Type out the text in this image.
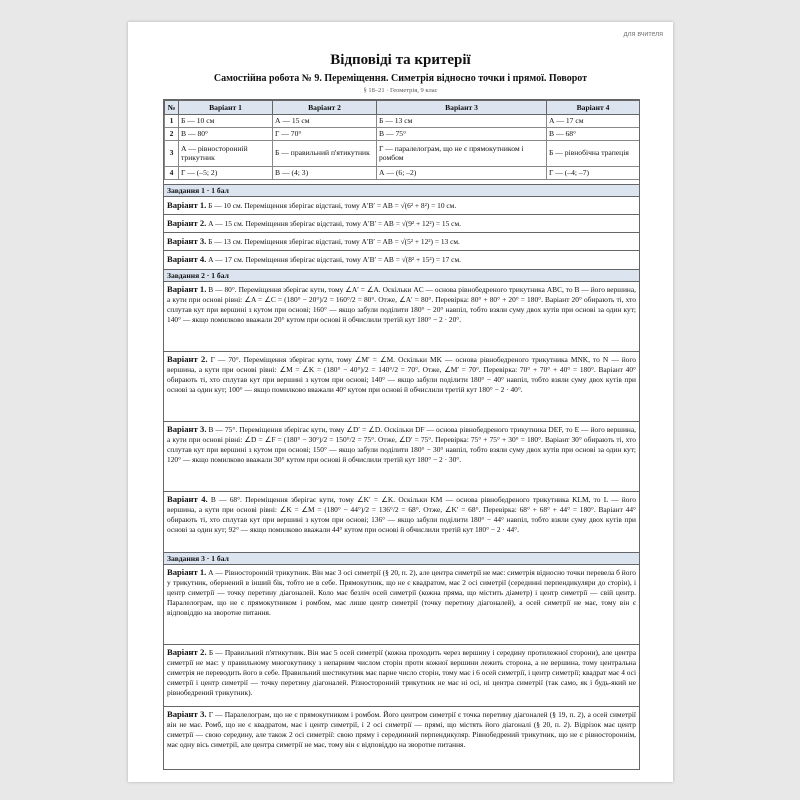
для вчителя
Відповіді та критерії
Самостійна робота № 9. Переміщення. Симетрія відносно точки і прямої. Поворот
§ 18–21 · Геометрія, 9 клас
№	Варіант 1	Варіант 2	Варіант 3	Варіант 4
1	Б — 10 см	А — 15 см	Б — 13 см	А — 17 см
2	В — 80°	Г — 70°	В — 75°	В — 68°
3	А — рівносторонній трикутник	Б — правильний п'ятикутник	Г — паралелограм, що не є прямокутником і ромбом	Б — рівнобічна трапеція
4	Г — (–5; 2)	В — (4; 3)	А — (6; –2)	Г — (–4; –7)
Завдання 1 · 1 бал
Варіант 1. Б — 10 см. Переміщення зберігає відстані, тому A′B′ = AB = √(6² + 8²) = 10 см.
Варіант 2. А — 15 см. Переміщення зберігає відстані, тому A′B′ = AB = √(9² + 12²) = 15 см.
Варіант 3. Б — 13 см. Переміщення зберігає відстані, тому A′B′ = AB = √(5² + 12²) = 13 см.
Варіант 4. А — 17 см. Переміщення зберігає відстані, тому A′B′ = AB = √(8² + 15²) = 17 см.
Завдання 2 · 1 бал
Варіант 1. В — 80°. Переміщення зберігає кути, тому ∠A′ = ∠A. Оскільки AC — основа рівнобедреного трикутника ABC, то B — його вершина, а кути при основі рівні: ∠A = ∠C = (180° − 20°)/2 = 160°/2 = 80°. Отже, ∠A′ = 80°. Перевірка: 80° + 80° + 20° = 180°. Варіант 20° обирають ті, хто сплутав кут при вершині з кутом при основі; 160° — якщо забули поділити 180° − 20° навпіл, тобто взяли суму двох кутів при основі за один кут; 140° — якщо помилково вважали 20° кутом при основі й обчислили третій кут 180° − 2 · 20°.
Варіант 2. Г — 70°. Переміщення зберігає кути, тому ∠M′ = ∠M. Оскільки MK — основа рівнобедреного трикутника MNK, то N — його вершина, а кути при основі рівні: ∠M = ∠K = (180° − 40°)/2 = 140°/2 = 70°. Отже, ∠M′ = 70°. Перевірка: 70° + 70° + 40° = 180°. Варіант 40° обирають ті, хто сплутав кут при вершині з кутом при основі; 140° — якщо забули поділити 180° − 40° навпіл, тобто взяли суму двох кутів при основі за один кут; 100° — якщо помилково вважали 40° кутом при основі й обчислили третій кут 180° − 2 · 40°.
Варіант 3. В — 75°. Переміщення зберігає кути, тому ∠D′ = ∠D. Оскільки DF — основа рівнобедреного трикутника DEF, то E — його вершина, а кути при основі рівні: ∠D = ∠F = (180° − 30°)/2 = 150°/2 = 75°. Отже, ∠D′ = 75°. Перевірка: 75° + 75° + 30° = 180°. Варіант 30° обирають ті, хто сплутав кут при вершині з кутом при основі; 150° — якщо забули поділити 180° − 30° навпіл, тобто взяли суму двох кутів при основі за один кут; 120° — якщо помилково вважали 30° кутом при основі й обчислили третій кут 180° − 2 · 30°.
Варіант 4. В — 68°. Переміщення зберігає кути, тому ∠K′ = ∠K. Оскільки KM — основа рівнобедреного трикутника KLM, то L — його вершина, а кути при основі рівні: ∠K = ∠M = (180° − 44°)/2 = 136°/2 = 68°. Отже, ∠K′ = 68°. Перевірка: 68° + 68° + 44° = 180°. Варіант 44° обирають ті, хто сплутав кут при вершині з кутом при основі; 136° — якщо забули поділити 180° − 44° навпіл, тобто взяли суму двох кутів при основі за один кут; 92° — якщо помилково вважали 44° кутом при основі й обчислили третій кут 180° − 2 · 44°.
Завдання 3 · 1 бал
Варіант 1. А — Рівносторонній трикутник. Він має 3 осі симетрії (§ 20, п. 2), але центра симетрії не має: симетрія відносно точки перевела б його у трикутник, обернений в інший бік, тобто не в себе. Прямокутник, що не є квадратом, має 2 осі симетрії (серединні перпендикуляри до сторін), і центр симетрії — точку перетину діагоналей. Коло має безліч осей симетрії (кожна пряма, що містить діаметр) і центр симетрії — свій центр. Паралелограм, що не є прямокутником і ромбом, має лише центр симетрії (точку перетину діагоналей), а осей симетрії не має, тому він є відповіддю на зворотне питання.
Варіант 2. Б — Правильний п'ятикутник. Він має 5 осей симетрії (кожна проходить через вершину і середину протилежної сторони), але центра симетрії не має: у правильному многокутнику з непарним числом сторін проти кожної вершини лежить сторона, а не вершина, тому центральна симетрія не переводить його в себе. Правильний шестикутник має парне число сторін, тому має і 6 осей симетрії, і центр симетрії; квадрат має 4 осі симетрії і центр симетрії — точку перетину діагоналей. Різносторонній трикутник не має ні осі, ні центра симетрії (так само, як і будь-який не рівнобедрений трикутник).
Варіант 3. Г — Паралелограм, що не є прямокутником і ромбом. Його центром симетрії є точка перетину діагоналей (§ 19, п. 2), а осей симетрії він не має. Ромб, що не є квадратом, має і центр симетрії, і 2 осі симетрії — прямі, що містять його діагоналі (§ 20, п. 2). Відрізок має центр симетрії — свою середину, але також 2 осі симетрії: свою пряму і серединний перпендикуляр. Рівнобедрений трикутник, що не є рівностороннім, має одну вісь симетрії, але центра симетрії не має, тому він є відповіддю на зворотне питання.
